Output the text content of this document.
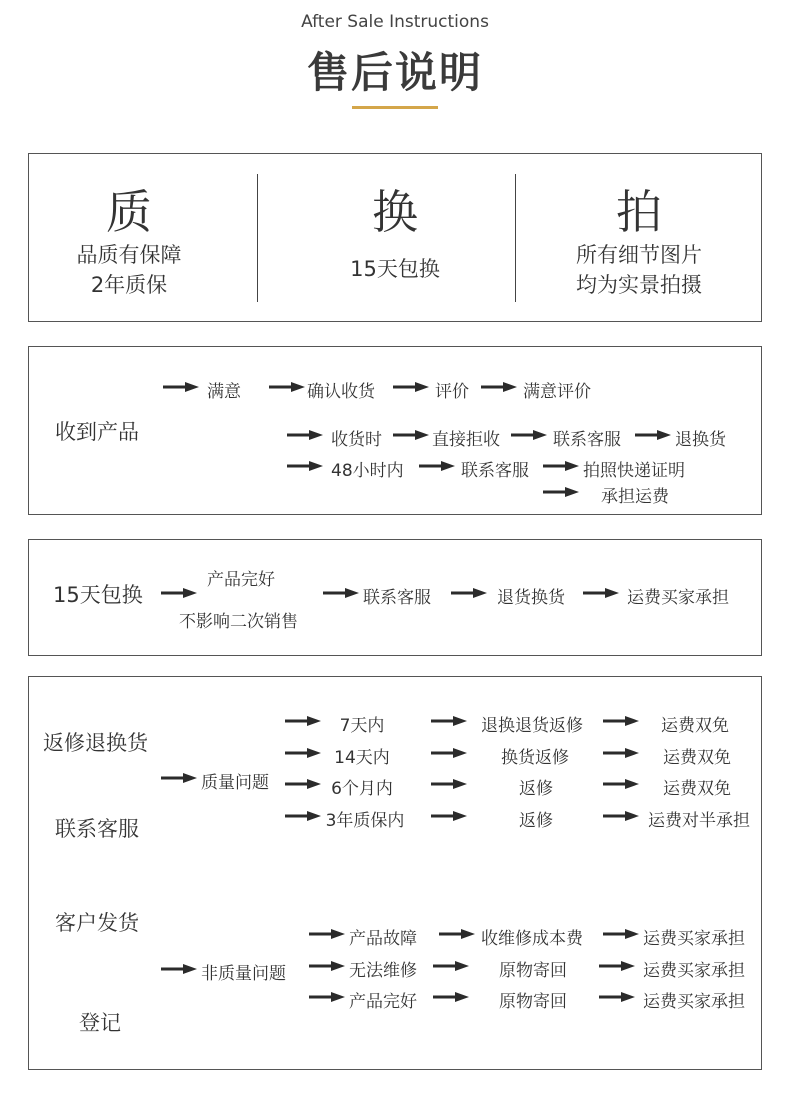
After Sale Instructions
售后说明
质
品质有保障
2年质保
换
15天包换
拍
所有细节图片
均为实景拍摄
收到产品
满意	确认收货	评价	满意评价
收货时	直接拒收	联系客服	退换货
48小时内	联系客服	拍照快递证明
承担运费
15天包换
产品完好
不影响二次销售
联系客服	退货换货	运费买家承担
返修退换货
联系客服
客户发货
登记
质量问题
7天内	退换退货返修	运费双免
14天内	换货返修	运费双免
6个月内	返修	运费双免
3年质保内	返修	运费对半承担
非质量问题
产品故障	收维修成本费	运费买家承担
无法维修	原物寄回	运费买家承担
产品完好	原物寄回	运费买家承担
